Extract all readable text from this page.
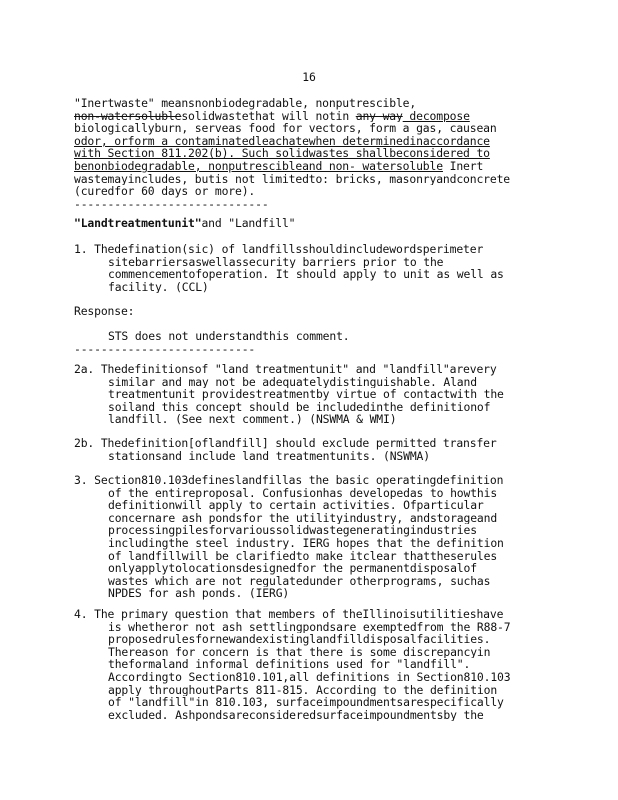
16
"Inertwaste" meansnonbiodegradable, nonputrescible,
non-watersolublesolidwastethat will notin any way decompose
biologicallyburn, serveas food for vectors, form a gas, causean
odor, orform a contaminatedleachatewhen determinedinaccordance
with Section 811.202(b). Such solidwastes shallbeconsidered to
benonbiodegradable, nonputrescibleand non- watersoluble Inert
wastemayincludes, butis not limitedto: bricks, masonryandconcrete
(curedfor 60 days or more).
-----------------------------
"Landtreatmentunit"and "Landfill"
1. Thedefination(sic) of landfillsshouldincludewordsperimeter
sitebarriersaswellassecurity barriers prior to the
commencementofoperation. It should apply to unit as well as
facility. (CCL)
Response:
STS does not understandthis comment.
---------------------------
2a. Thedefinitionsof "land treatmentunit" and "landfill"arevery
similar and may not be adequatelydistinguishable. Aland
treatmentunit providestreatmentby virtue of contactwith the
soiland this concept should be includedinthe definitionof
landfill. (See next comment.) (NSWMA & WMI)
2b. Thedefinition[oflandfill] should exclude permitted transfer
stationsand include land treatmentunits. (NSWMA)
3. Section810.103defineslandfillas the basic operatingdefinition
of the entireproposal. Confusionhas developedas to howthis
definitionwill apply to certain activities. Ofparticular
concernare ash pondsfor the utilityindustry, andstorageand
processingpilesforvarioussolidwastegeneratingindustries
includingthe steel industry. IERG hopes that the definition
of landfillwill be clarifiedto make itclear thattheserules
onlyapplytolocationsdesignedfor the permanentdisposalof
wastes which are not regulatedunder otherprograms, suchas
NPDES for ash ponds. (IERG)
4. The primary question that members of theIllinoisutilitieshave
is whetheror not ash settlingpondsare exemptedfrom the R88-7
proposedrulesfornewandexistinglandfilldisposalfacilities.
Thereason for concern is that there is some discrepancyin
theformaland informal definitions used for "landfill".
Accordingto Section810.101,all definitions in Section810.103
apply throughoutParts 811-815. According to the definition
of "landfill"in 810.103, surfaceimpoundmentsarespecifically
excluded. Ashpondsareconsideredsurfaceimpoundmentsby the
